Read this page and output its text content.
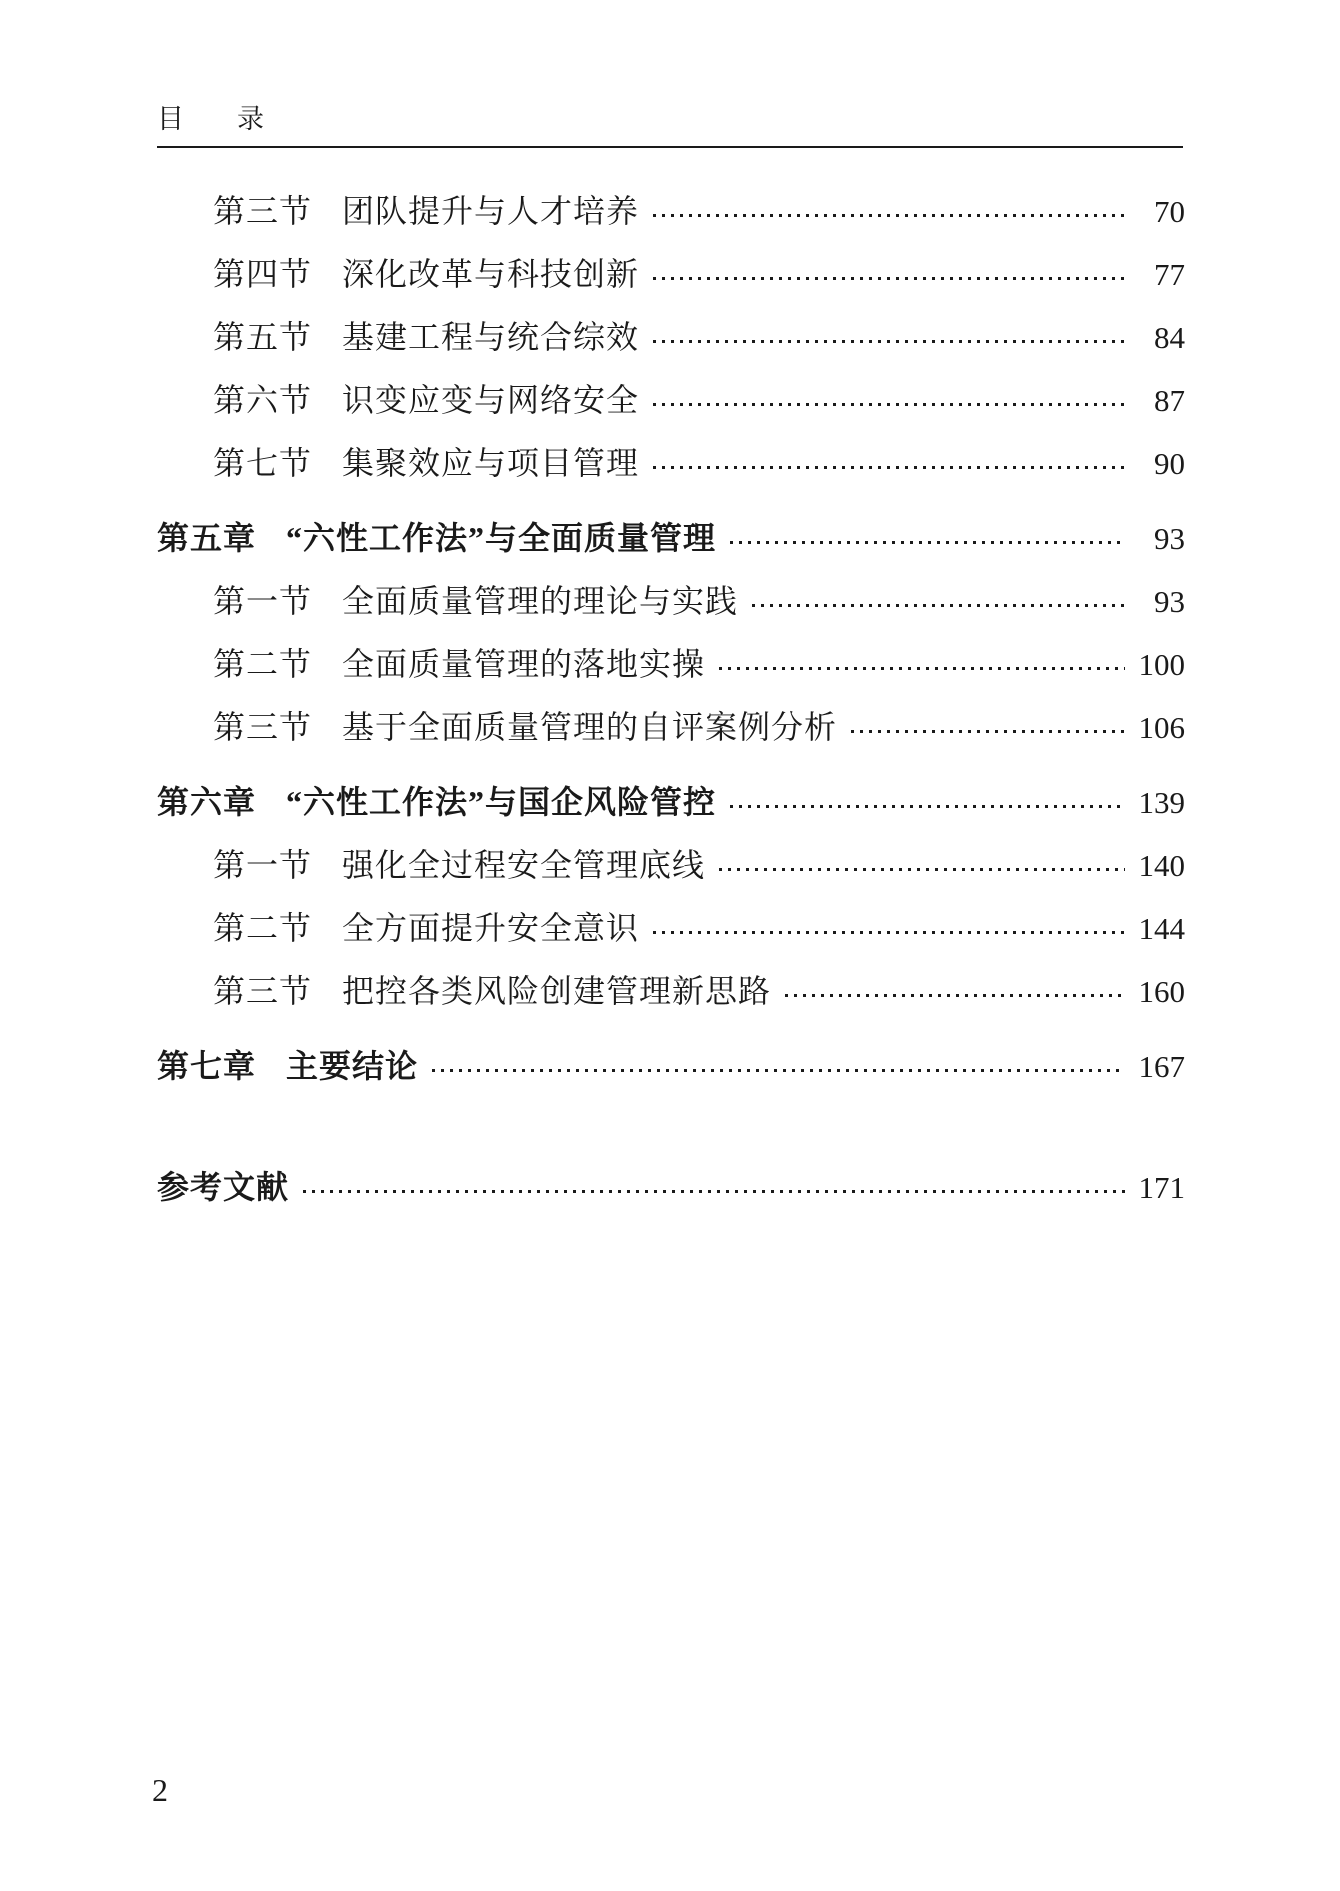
目 录
第三节 团队提升与人才培养	70
第四节 深化改革与科技创新	77
第五节 基建工程与统合综效	84
第六节 识变应变与网络安全	87
第七节 集聚效应与项目管理	90
第五章 “六性工作法”与全面质量管理	93
第一节 全面质量管理的理论与实践	93
第二节 全面质量管理的落地实操	100
第三节 基于全面质量管理的自评案例分析	106
第六章 “六性工作法”与国企风险管控	139
第一节 强化全过程安全管理底线	140
第二节 全方面提升安全意识	144
第三节 把控各类风险创建管理新思路	160
第七章 主要结论	167
参考文献	171
2
